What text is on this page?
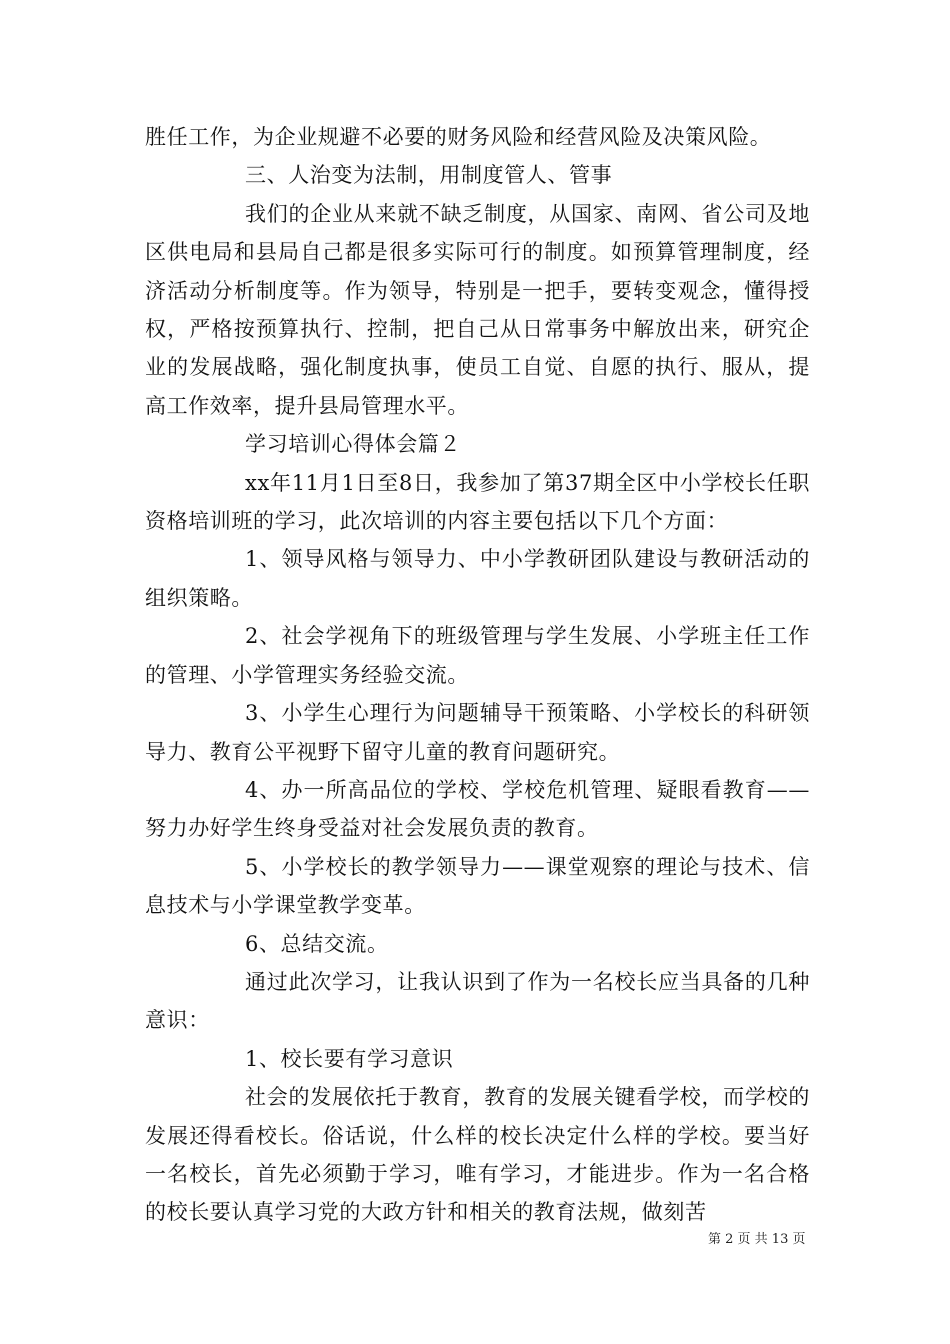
胜任工作，为企业规避不必要的财务风险和经营风险及决策风险。

三、人治变为法制，用制度管人、管事

我们的企业从来就不缺乏制度，从国家、南网、省公司及地区供电局和县局自己都是很多实际可行的制度。如预算管理制度，经济活动分析制度等。作为领导，特别是一把手，要转变观念，懂得授权，严格按预算执行、控制，把自己从日常事务中解放出来，研究企业的发展战略，强化制度执事，使员工自觉、自愿的执行、服从，提高工作效率，提升县局管理水平。

学习培训心得体会篇２

xx年11月1日至8日，我参加了第37期全区中小学校长任职资格培训班的学习，此次培训的内容主要包括以下几个方面：

1、领导风格与领导力、中小学教研团队建设与教研活动的组织策略。

2、社会学视角下的班级管理与学生发展、小学班主任工作的管理、小学管理实务经验交流。

3、小学生心理行为问题辅导干预策略、小学校长的科研领导力、教育公平视野下留守儿童的教育问题研究。

4、办一所高品位的学校、学校危机管理、疑眼看教育——努力办好学生终身受益对社会发展负责的教育。

5、小学校长的教学领导力——课堂观察的理论与技术、信息技术与小学课堂教学变革。

6、总结交流。

通过此次学习，让我认识到了作为一名校长应当具备的几种意识：

1、校长要有学习意识

社会的发展依托于教育，教育的发展关键看学校，而学校的发展还得看校长。俗话说，什么样的校长决定什么样的学校。要当好一名校长，首先必须勤于学习，唯有学习，才能进步。作为一名合格的校长要认真学习党的大政方针和相关的教育法规，做刻苦

第 2 页 共 13 页
